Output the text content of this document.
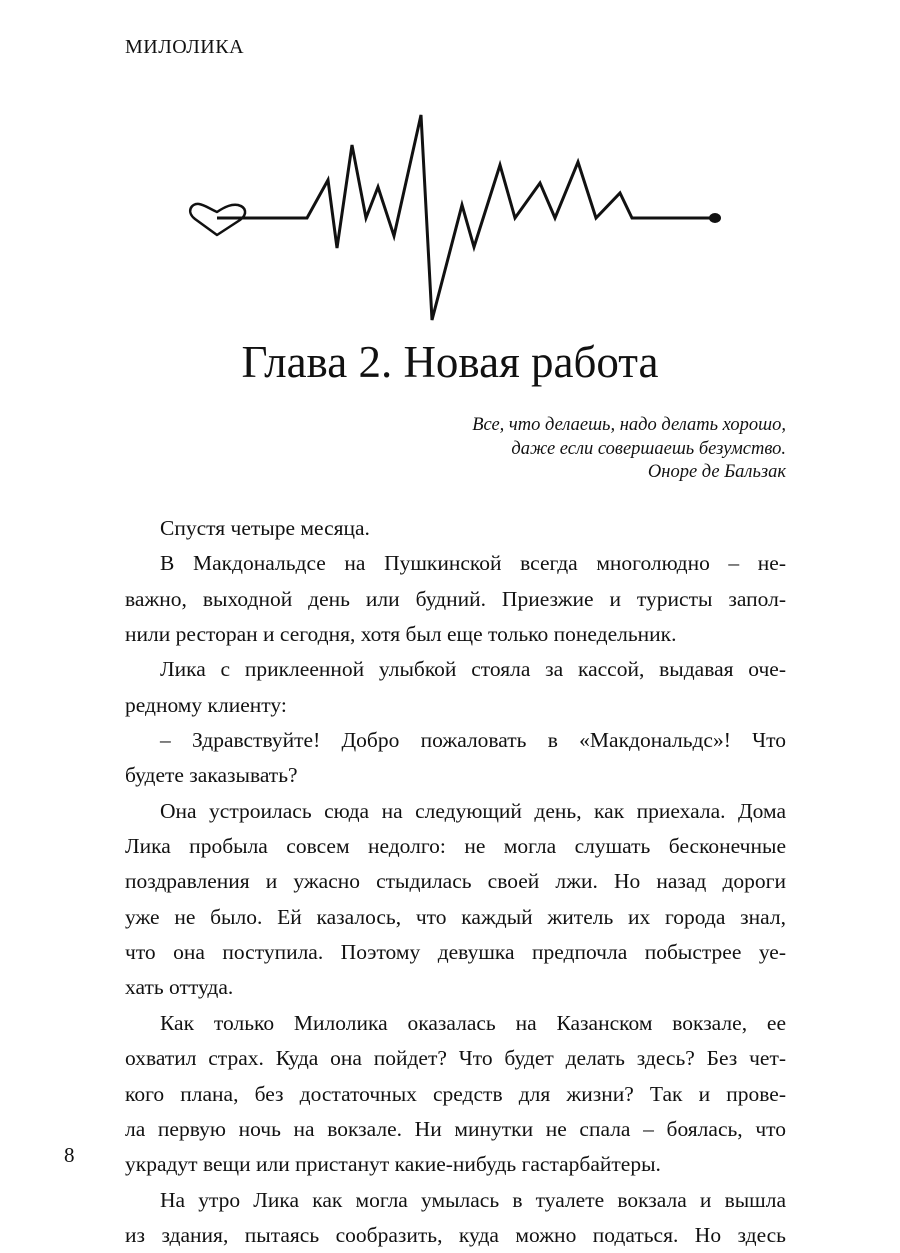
МИЛОЛИКА
Глава 2. Новая работа
Все, что делаешь, надо делать хорошо,
даже если совершаешь безумство.
Оноре де Бальзак
Спустя четыре месяца.
В Макдональдсе на Пушкинской всегда многолюдно – не-
важно, выходной день или будний. Приезжие и туристы запол-
нили ресторан и сегодня, хотя был еще только понедельник.
Лика с приклеенной улыбкой стояла за кассой, выдавая оче-
редному клиенту:
– Здравствуйте! Добро пожаловать в «Макдональдс»! Что
будете заказывать?
Она устроилась сюда на следующий день, как приехала. Дома
Лика пробыла совсем недолго: не могла слушать бесконечные
поздравления и ужасно стыдилась своей лжи. Но назад дороги
уже не было. Ей казалось, что каждый житель их города знал,
что она поступила. Поэтому девушка предпочла побыстрее уе-
хать оттуда.
Как только Милолика оказалась на Казанском вокзале, ее
охватил страх. Куда она пойдет? Что будет делать здесь? Без чет-
кого плана, без достаточных средств для жизни? Так и прове-
ла первую ночь на вокзале. Ни минутки не спала – боялась, что
украдут вещи или пристанут какие-нибудь гастарбайтеры.
На утро Лика как могла умылась в туалете вокзала и вышла
из здания, пытаясь сообразить, куда можно податься. Но здесь
8
